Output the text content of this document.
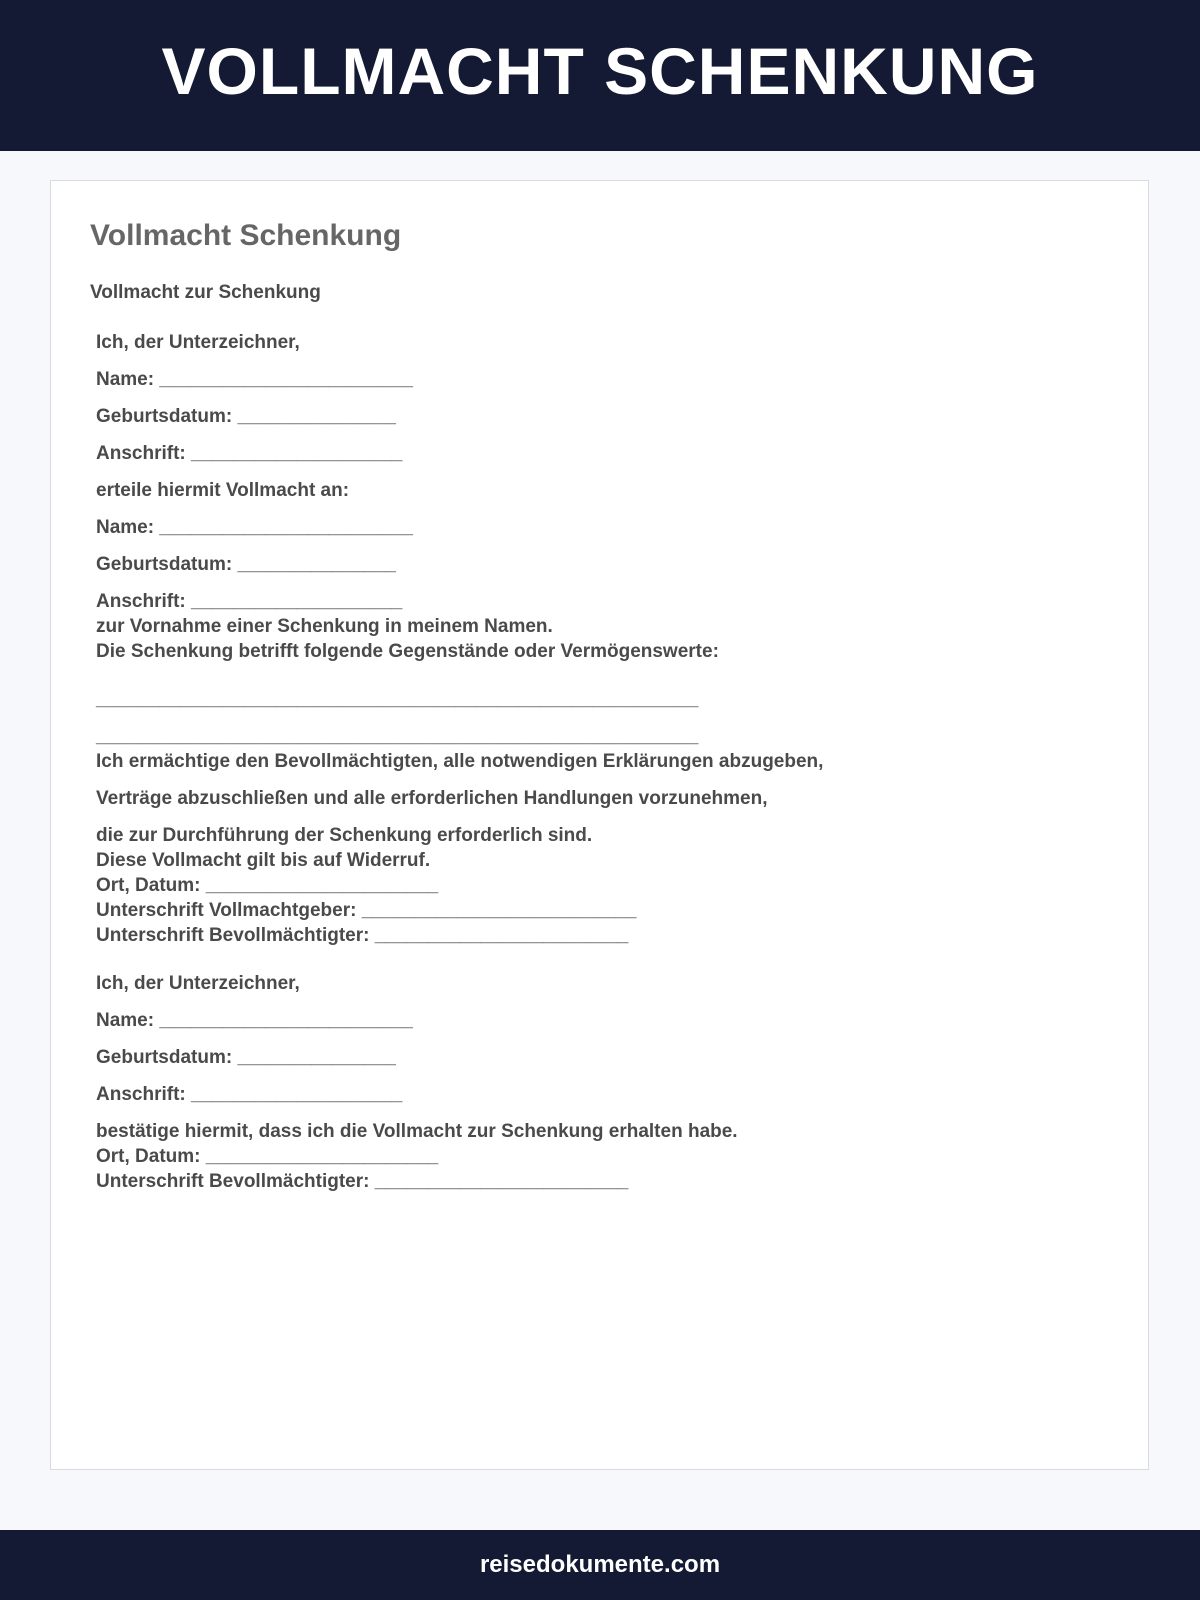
VOLLMACHT SCHENKUNG
Vollmacht Schenkung
Vollmacht zur Schenkung
Ich, der Unterzeichner,
Name: ________________________
Geburtsdatum: _______________
Anschrift: ____________________
erteile hiermit Vollmacht an:
Name: ________________________
Geburtsdatum: _______________
Anschrift: ____________________
zur Vornahme einer Schenkung in meinem Namen.
Die Schenkung betrifft folgende Gegenstände oder Vermögenswerte:
_________________________________________________________
_________________________________________________________
Ich ermächtige den Bevollmächtigten, alle notwendigen Erklärungen abzugeben,
Verträge abzuschließen und alle erforderlichen Handlungen vorzunehmen,
die zur Durchführung der Schenkung erforderlich sind.
Diese Vollmacht gilt bis auf Widerruf.
Ort, Datum: ______________________
Unterschrift Vollmachtgeber: __________________________
Unterschrift Bevollmächtigter: ________________________
Ich, der Unterzeichner,
Name: ________________________
Geburtsdatum: _______________
Anschrift: ____________________
bestätige hiermit, dass ich die Vollmacht zur Schenkung erhalten habe.
Ort, Datum: ______________________
Unterschrift Bevollmächtigter: ________________________
reisedokumente.com
